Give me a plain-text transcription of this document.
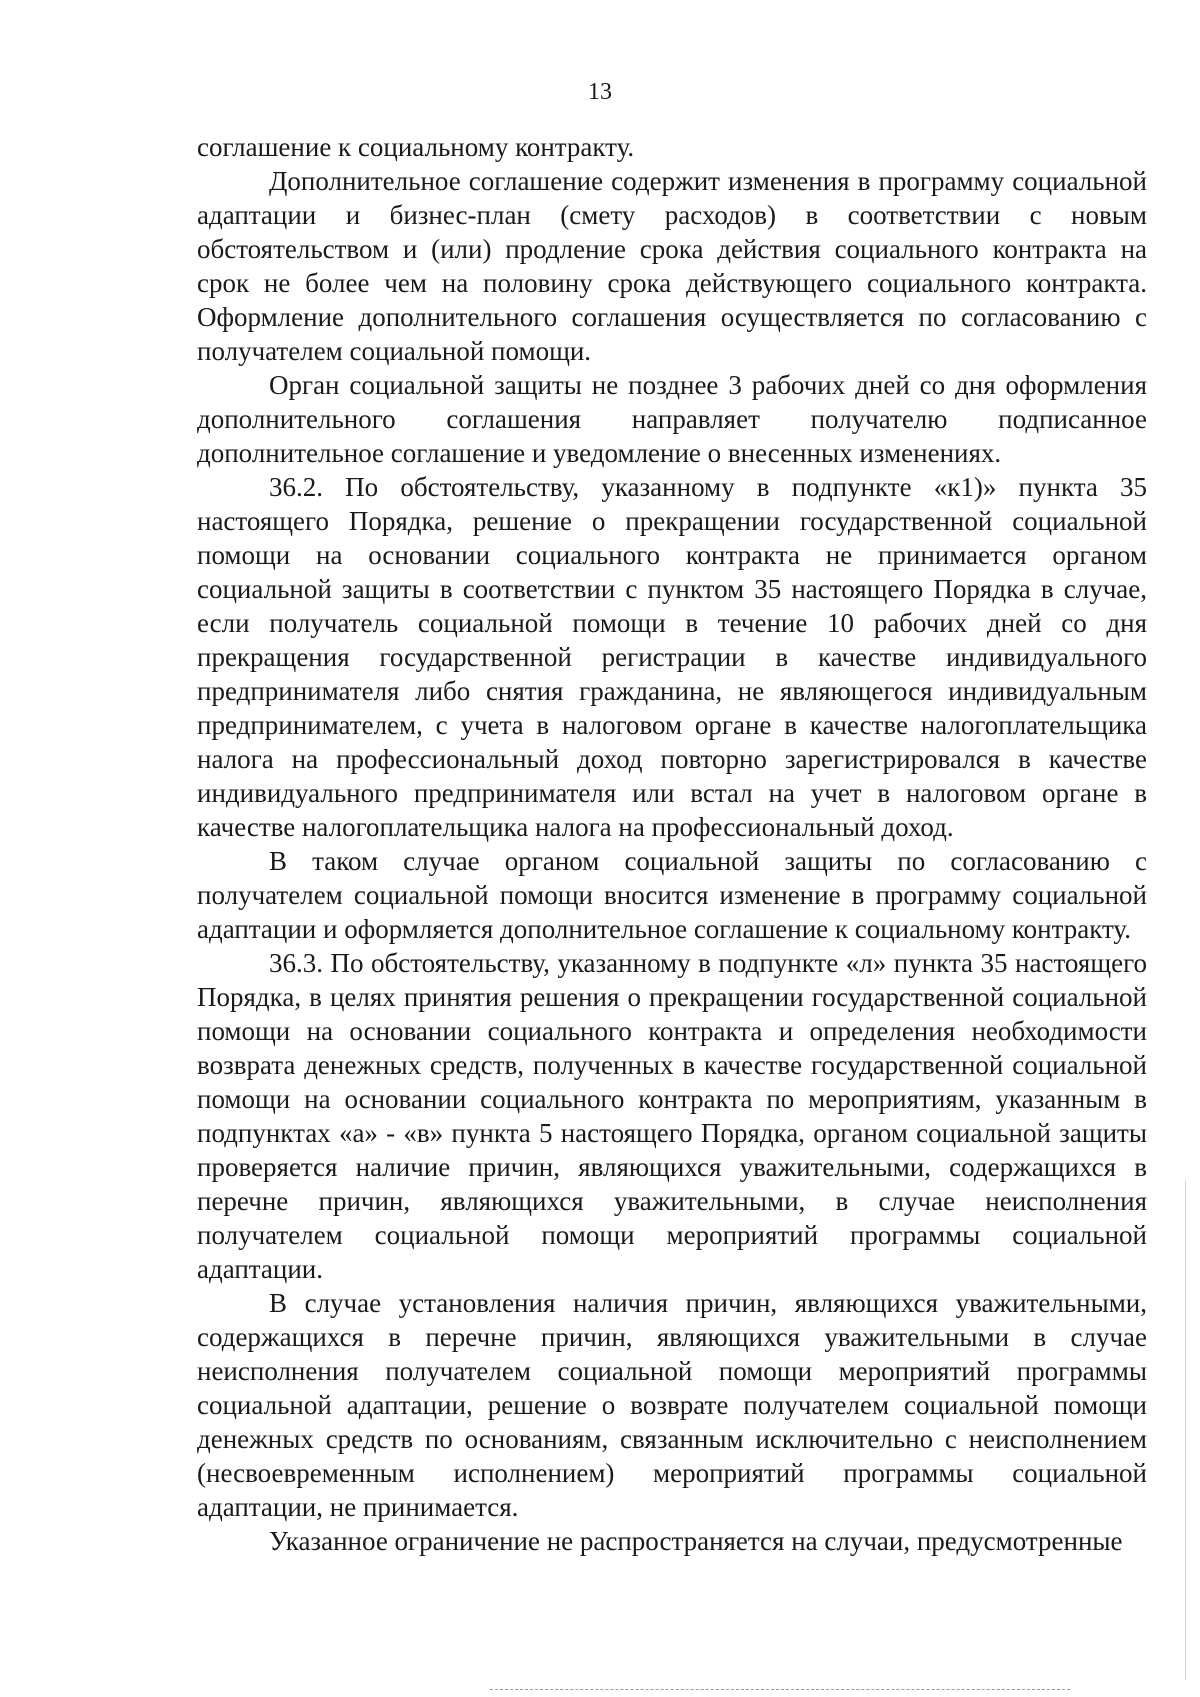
13

соглашение к социальному контракту.

Дополнительное соглашение содержит изменения в программу социальной адаптации и бизнес-план (смету расходов) в соответствии с новым обстоятельством и (или) продление срока действия социального контракта на срок не более чем на половину срока действующего социального контракта. Оформление дополнительного соглашения осуществляется по согласованию с получателем социальной помощи.

Орган социальной защиты не позднее 3 рабочих дней со дня оформления дополнительного соглашения направляет получателю подписанное дополнительное соглашение и уведомление о внесенных изменениях.

36.2. По обстоятельству, указанному в подпункте «к1)» пункта 35 настоящего Порядка, решение о прекращении государственной социальной помощи на основании социального контракта не принимается органом социальной защиты в соответствии с пунктом 35 настоящего Порядка в случае, если получатель социальной помощи в течение 10 рабочих дней со дня прекращения государственной регистрации в качестве индивидуального предпринимателя либо снятия гражданина, не являющегося индивидуальным предпринимателем, с учета в налоговом органе в качестве налогоплательщика налога на профессиональный доход повторно зарегистрировался в качестве индивидуального предпринимателя или встал на учет в налоговом органе в качестве налогоплательщика налога на профессиональный доход.

В таком случае органом социальной защиты по согласованию с получателем социальной помощи вносится изменение в программу социальной адаптации и оформляется дополнительное соглашение к социальному контракту.

36.3. По обстоятельству, указанному в подпункте «л» пункта 35 настоящего Порядка, в целях принятия решения о прекращении государственной социальной помощи на основании социального контракта и определения необходимости возврата денежных средств, полученных в качестве государственной социальной помощи на основании социального контракта по мероприятиям, указанным в подпунктах «а» - «в» пункта 5 настоящего Порядка, органом социальной защиты проверяется наличие причин, являющихся уважительными, содержащихся в перечне причин, являющихся уважительными, в случае неисполнения получателем социальной помощи мероприятий программы социальной адаптации.

В случае установления наличия причин, являющихся уважительными, содержащихся в перечне причин, являющихся уважительными в случае неисполнения получателем социальной помощи мероприятий программы социальной адаптации, решение о возврате получателем социальной помощи денежных средств по основаниям, связанным исключительно с неисполнением (несвоевременным исполнением) мероприятий программы социальной адаптации, не принимается.

Указанное ограничение не распространяется на случаи, предусмотренные
